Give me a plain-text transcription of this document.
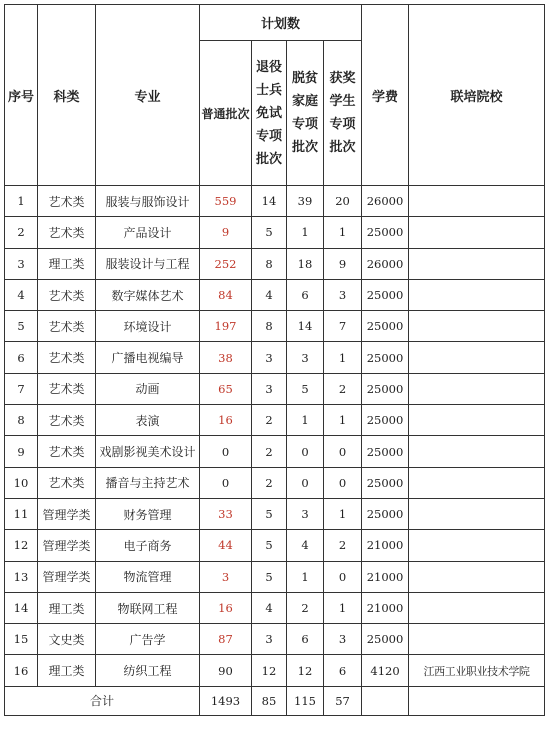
序号	科类	专业	计划数				学费	联培院校
			普通批次	退役
士兵
免试
专项
批次	脱贫
家庭
专项
批次	获奖
学生
专项
批次		

1	艺术类	服装与服饰设计	559	14	39	20	26000	
2	艺术类	产品设计	9	5	1	1	25000	
3	理工类	服装设计与工程	252	8	18	9	26000	
4	艺术类	数字媒体艺术	84	4	6	3	25000	
5	艺术类	环境设计	197	8	14	7	25000	
6	艺术类	广播电视编导	38	3	3	1	25000	
7	艺术类	动画	65	3	5	2	25000	
8	艺术类	表演	16	2	1	1	25000	
9	艺术类	戏剧影视美术设计	0	2	0	0	25000	
10	艺术类	播音与主持艺术	0	2	0	0	25000	
11	管理学类	财务管理	33	5	3	1	25000	
12	管理学类	电子商务	44	5	4	2	21000	
13	管理学类	物流管理	3	5	1	0	21000	
14	理工类	物联网工程	16	4	2	1	21000	
15	文史类	广告学	87	3	6	3	25000	
16	理工类	纺织工程	90	12	12	6	4120	江西工业职业技术学院
合计			1493	85	115	57		
